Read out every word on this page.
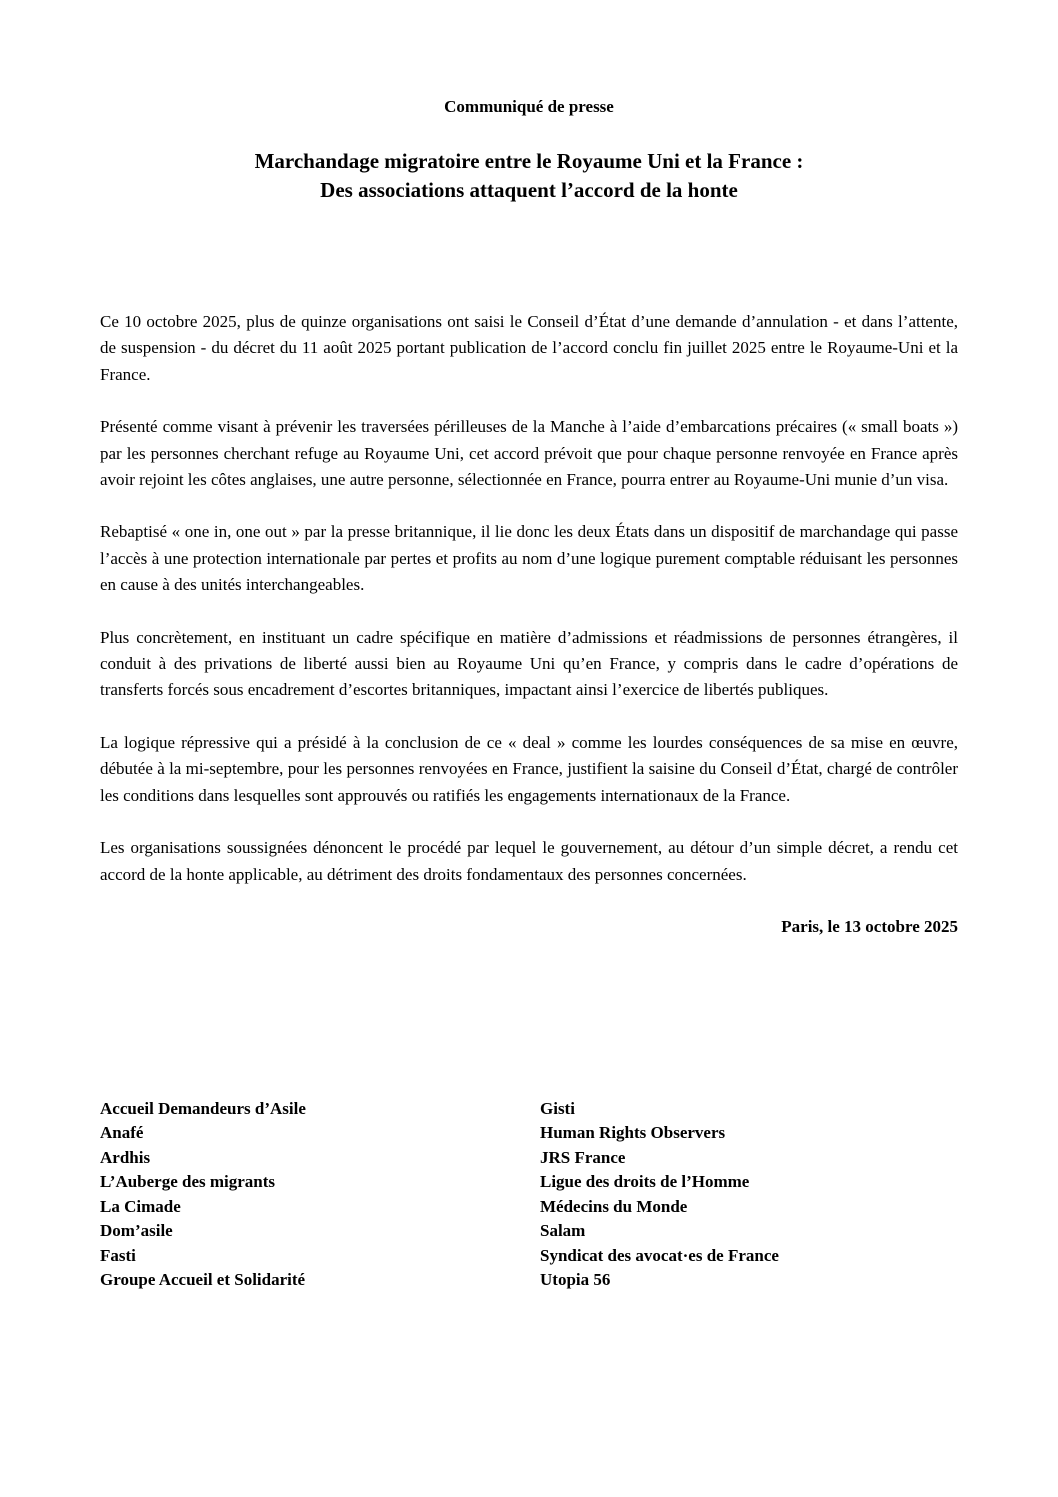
Communiqué de presse
Marchandage migratoire entre le Royaume Uni et la France :
Des associations attaquent l’accord de la honte

Ce 10 octobre 2025, plus de quinze organisations ont saisi le Conseil d’État d’une demande d’annulation - et dans l’attente, de suspension - du décret du 11 août 2025 portant publication de l’accord conclu fin juillet 2025 entre le Royaume-Uni et la France.

Présenté comme visant à prévenir les traversées périlleuses de la Manche à l’aide d’embarcations précaires (« small boats ») par les personnes cherchant refuge au Royaume Uni, cet accord prévoit que pour chaque personne renvoyée en France après avoir rejoint les côtes anglaises, une autre personne, sélectionnée en France, pourra entrer au Royaume-Uni munie d’un visa.

Rebaptisé « one in, one out » par la presse britannique, il lie donc les deux États dans un dispositif de marchandage qui passe l’accès à une protection internationale par pertes et profits au nom d’une logique purement comptable réduisant les personnes en cause à des unités interchangeables.

Plus concrètement, en instituant un cadre spécifique en matière d’admissions et réadmissions de personnes étrangères, il conduit à des privations de liberté aussi bien au Royaume Uni qu’en France, y compris dans le cadre d’opérations de transferts forcés sous encadrement d’escortes britanniques, impactant ainsi l’exercice de libertés publiques.

La logique répressive qui a présidé à la conclusion de ce « deal » comme les lourdes conséquences de sa mise en œuvre, débutée à la mi-septembre, pour les personnes renvoyées en France, justifient la saisine du Conseil d’État, chargé de contrôler les conditions dans lesquelles sont approuvés ou ratifiés les engagements internationaux de la France.

Les organisations soussignées dénoncent le procédé par lequel le gouvernement, au détour d’un simple décret, a rendu cet accord de la honte applicable, au détriment des droits fondamentaux des personnes concernées.

Paris, le 13 octobre 2025
Accueil Demandeurs d’Asile
Anafé
Ardhis
L’Auberge des migrants
La Cimade
Dom’asile
Fasti
Groupe Accueil et Solidarité
Gisti
Human Rights Observers
JRS France
Ligue des droits de l’Homme
Médecins du Monde
Salam
Syndicat des avocat·es de France
Utopia 56
